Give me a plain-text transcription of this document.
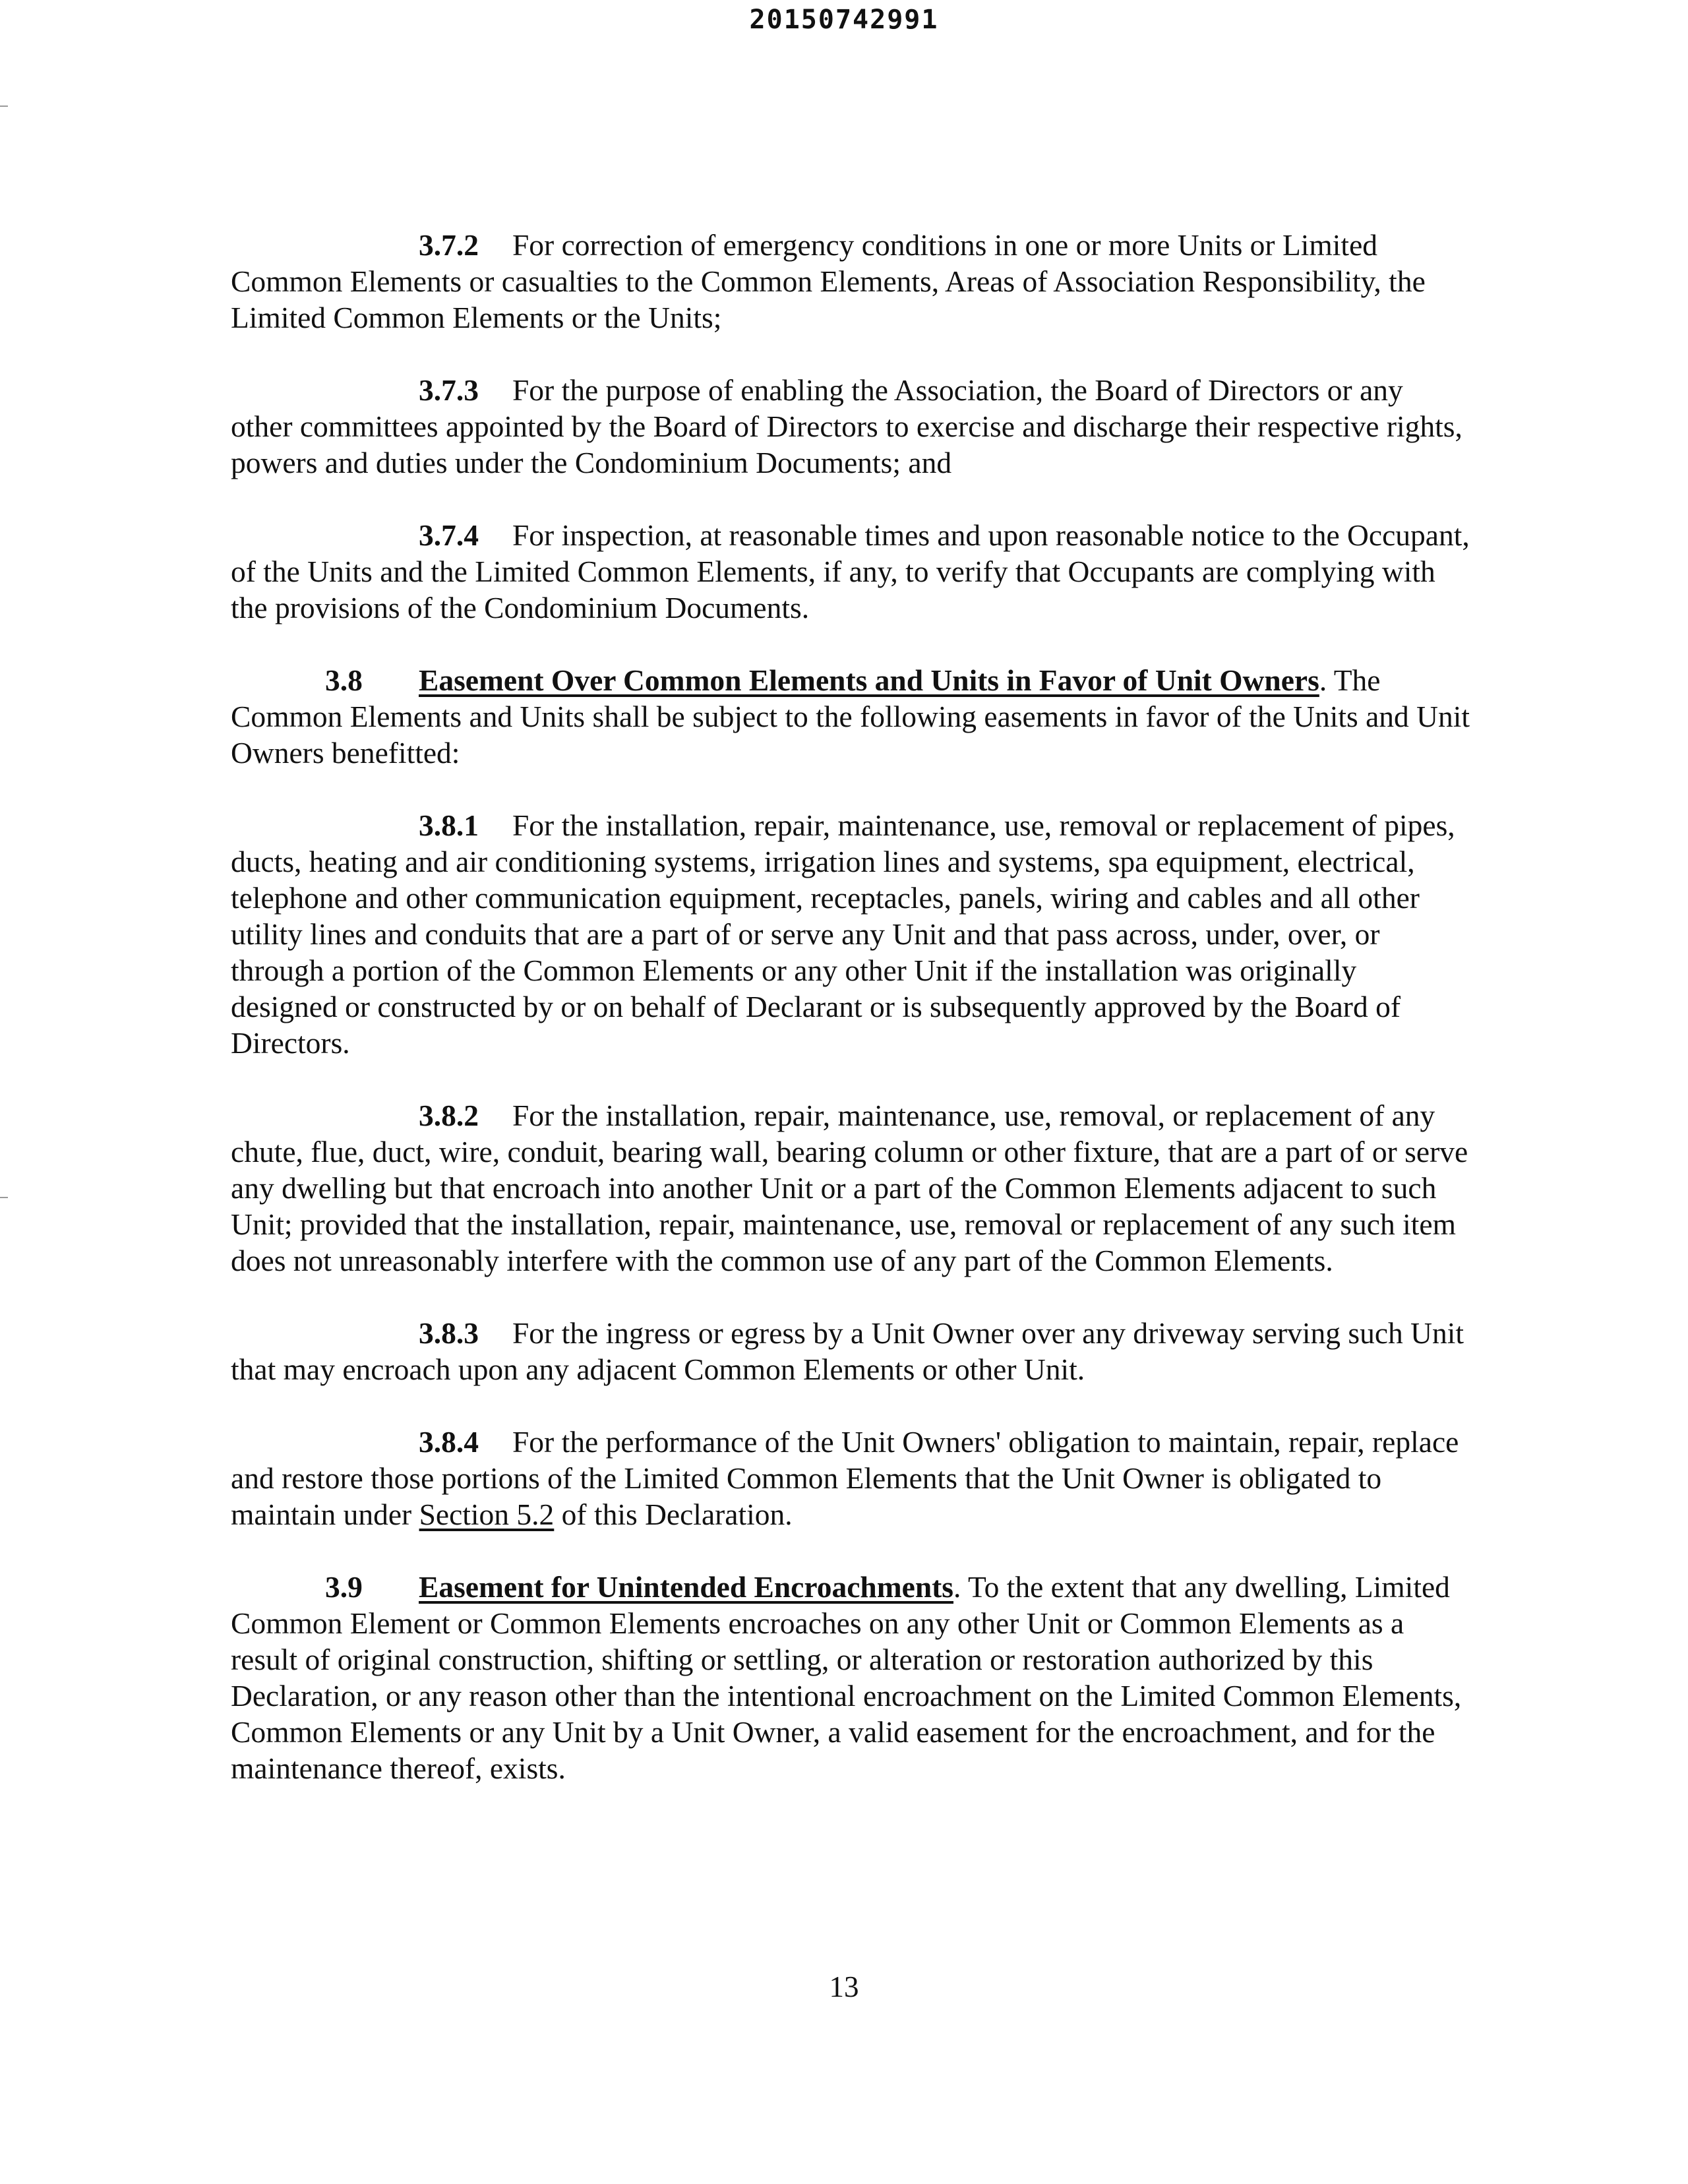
20150742991

3.7.2 For correction of emergency conditions in one or more Units or Limited Common Elements or casualties to the Common Elements, Areas of Association Responsibility, the Limited Common Elements or the Units;

3.7.3 For the purpose of enabling the Association, the Board of Directors or any other committees appointed by the Board of Directors to exercise and discharge their respective rights, powers and duties under the Condominium Documents; and

3.7.4 For inspection, at reasonable times and upon reasonable notice to the Occupant, of the Units and the Limited Common Elements, if any, to verify that Occupants are complying with the provisions of the Condominium Documents.

3.8 Easement Over Common Elements and Units in Favor of Unit Owners. The Common Elements and Units shall be subject to the following easements in favor of the Units and Unit Owners benefitted:

3.8.1 For the installation, repair, maintenance, use, removal or replacement of pipes, ducts, heating and air conditioning systems, irrigation lines and systems, spa equipment, electrical, telephone and other communication equipment, receptacles, panels, wiring and cables and all other utility lines and conduits that are a part of or serve any Unit and that pass across, under, over, or through a portion of the Common Elements or any other Unit if the installation was originally designed or constructed by or on behalf of Declarant or is subsequently approved by the Board of Directors.

3.8.2 For the installation, repair, maintenance, use, removal, or replacement of any chute, flue, duct, wire, conduit, bearing wall, bearing column or other fixture, that are a part of or serve any dwelling but that encroach into another Unit or a part of the Common Elements adjacent to such Unit; provided that the installation, repair, maintenance, use, removal or replacement of any such item does not unreasonably interfere with the common use of any part of the Common Elements.

3.8.3 For the ingress or egress by a Unit Owner over any driveway serving such Unit that may encroach upon any adjacent Common Elements or other Unit.

3.8.4 For the performance of the Unit Owners' obligation to maintain, repair, replace and restore those portions of the Limited Common Elements that the Unit Owner is obligated to maintain under Section 5.2 of this Declaration.

3.9 Easement for Unintended Encroachments. To the extent that any dwelling, Limited Common Element or Common Elements encroaches on any other Unit or Common Elements as a result of original construction, shifting or settling, or alteration or restoration authorized by this Declaration, or any reason other than the intentional encroachment on the Limited Common Elements, Common Elements or any Unit by a Unit Owner, a valid easement for the encroachment, and for the maintenance thereof, exists.

13
